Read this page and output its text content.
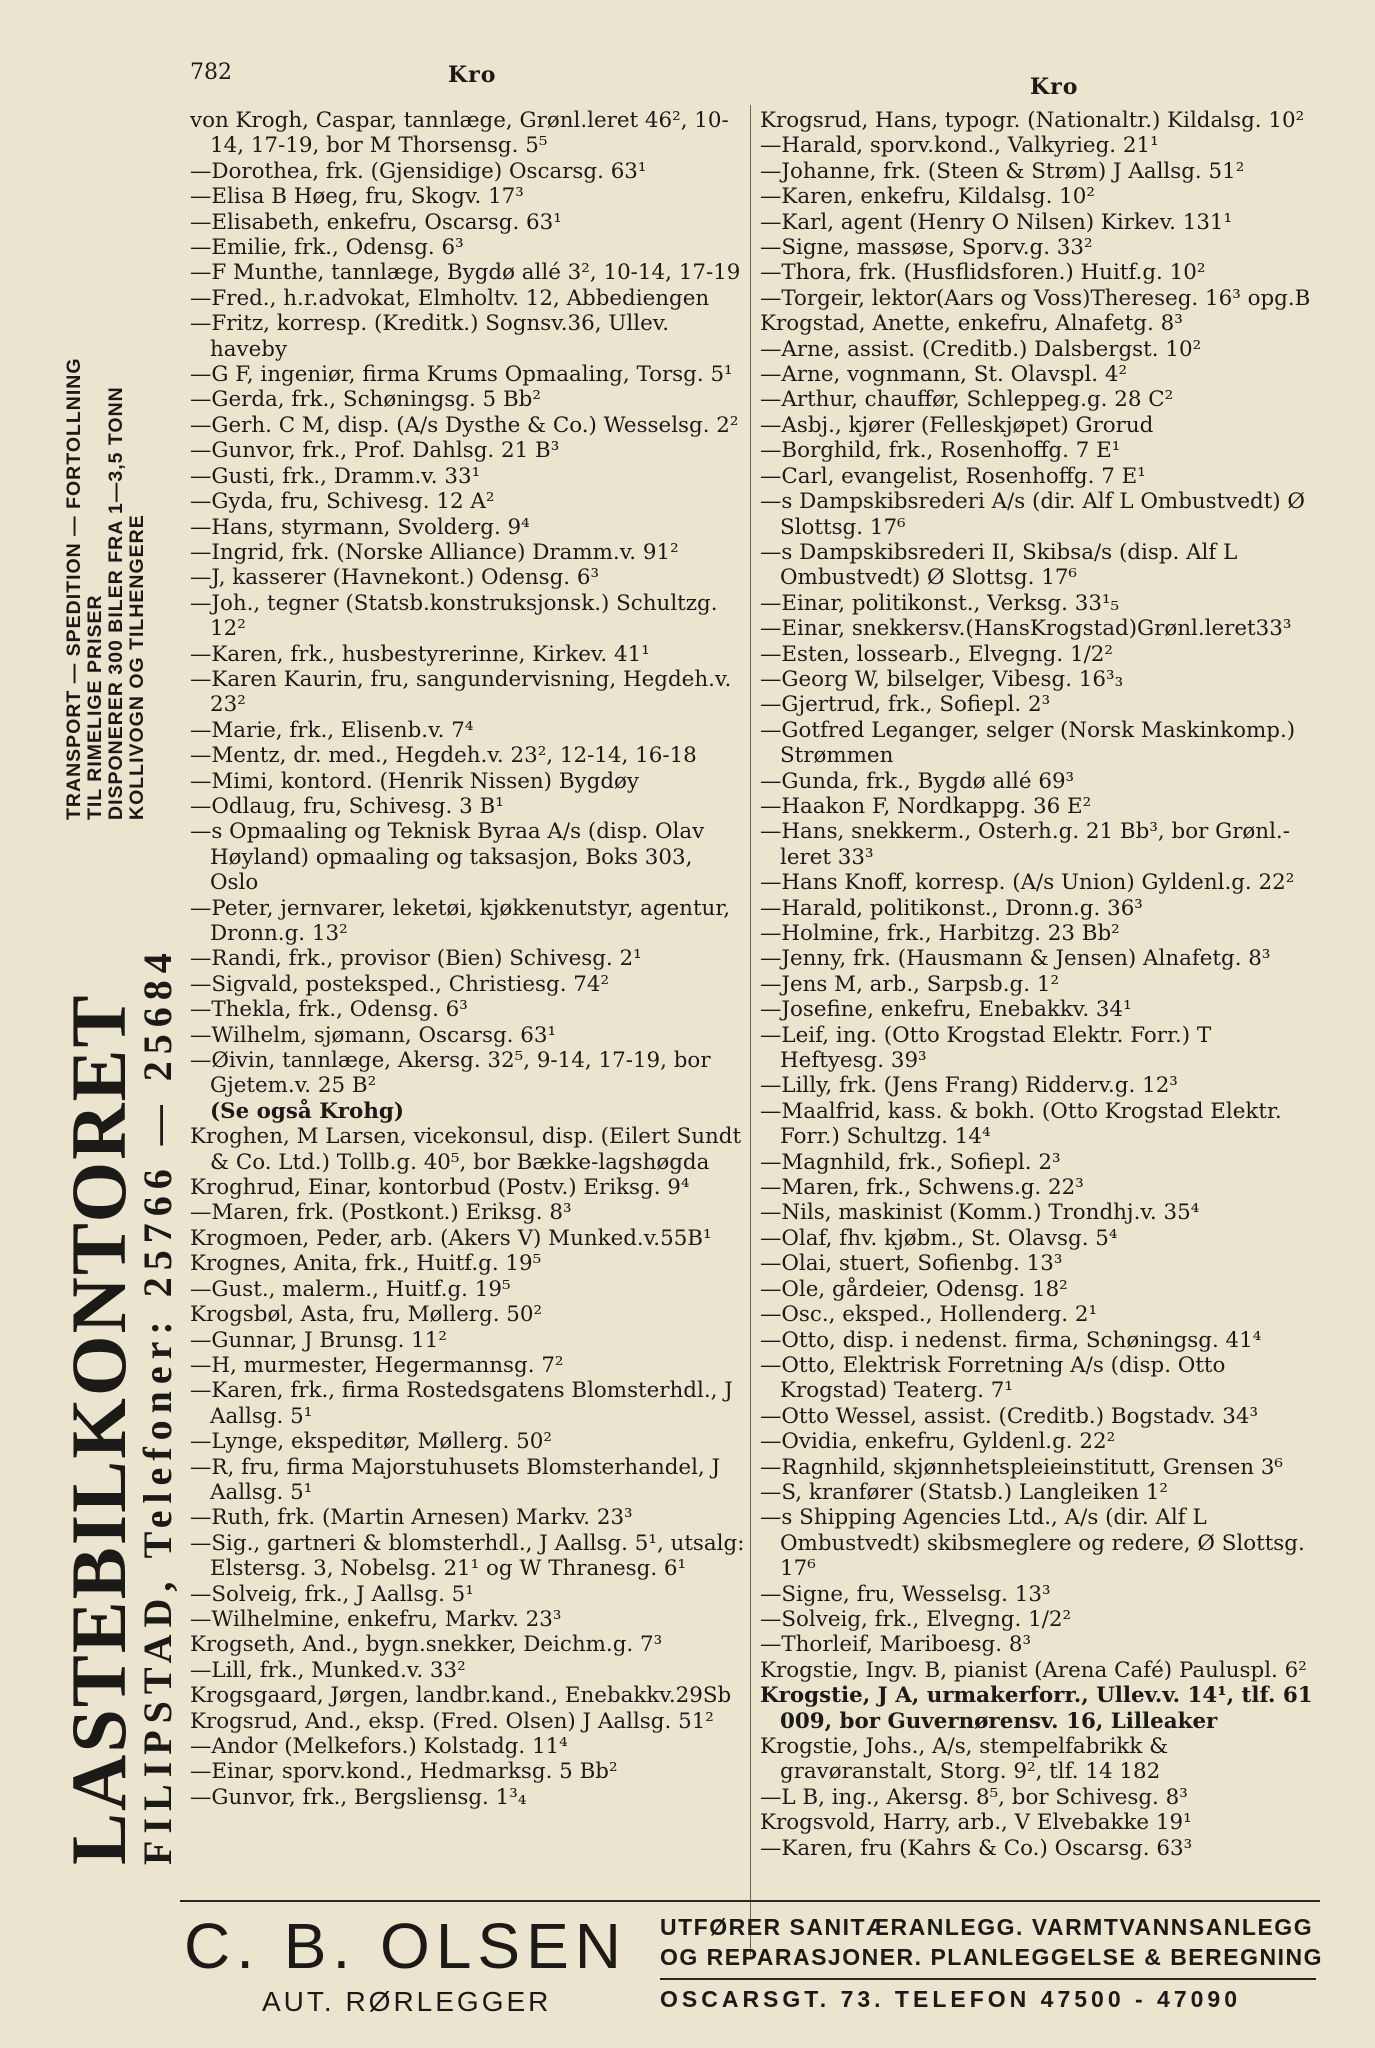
782	Kro	Kro
TRANSPORT — SPEDITION — FORTOLLNING TIL RIMELIGE PRISER DISPONERER 300 BILER FRA 1—3,5 TONN KOLLIVOGN OG TILHENGERE
LASTEBILKONTORET
FILIPSTAD, Telefoner: 25766 — 25684
von Krogh, Caspar, tannlæge, Grønl.leret 46², 10-14, 17-19, bor M Thorsensg. 5⁵
—Dorothea, frk. (Gjensidige) Oscarsg. 63¹
—Elisa B Høeg, fru, Skogv. 17³
—Elisabeth, enkefru, Oscarsg. 63¹
—Emilie, frk., Odensg. 6³
—F Munthe, tannlæge, Bygdø allé 3², 10-14, 17-19
—Fred., h.r.advokat, Elmholtv. 12, Abbediengen
—Fritz, korresp. (Kreditk.) Sognsv.36, Ullev. haveby
—G F, ingeniør, firma Krums Opmaaling, Torsg. 5¹
—Gerda, frk., Schøningsg. 5 Bb²
—Gerh. C M, disp. (A/s Dysthe & Co.) Wesselsg. 2²
—Gunvor, frk., Prof. Dahlsg. 21 B³
—Gusti, frk., Dramm.v. 33¹
—Gyda, fru, Schivesg. 12 A²
—Hans, styrmann, Svolderg. 9⁴
—Ingrid, frk. (Norske Alliance) Dramm.v. 91²
—J, kasserer (Havnekont.) Odensg. 6³
—Joh., tegner (Statsb.konstruksjonsk.) Schultzg. 12²
—Karen, frk., husbestyrerinne, Kirkev. 41¹
—Karen Kaurin, fru, sangundervisning, Hegdeh.v. 23²
—Marie, frk., Elisenb.v. 7⁴
—Mentz, dr. med., Hegdeh.v. 23², 12-14, 16-18
—Mimi, kontord. (Henrik Nissen) Bygdøy
—Odlaug, fru, Schivesg. 3 B¹
—s Opmaaling og Teknisk Byraa A/s (disp. Olav Høyland) opmaaling og taksasjon, Boks 303, Oslo
—Peter, jernvarer, leketøi, kjøkkenutstyr, agentur, Dronn.g. 13²
—Randi, frk., provisor (Bien) Schivesg. 2¹
—Sigvald, posteksped., Christiesg. 74²
—Thekla, frk., Odensg. 6³
—Wilhelm, sjømann, Oscarsg. 63¹
—Øivin, tannlæge, Akersg. 32⁵, 9-14, 17-19, bor Gjetem.v. 25 B²
(Se også Krohg)
Kroghen, M Larsen, vicekonsul, disp. (Eilert Sundt & Co. Ltd.) Tollb.g. 40⁵, bor Bække-lagshøgda
Kroghrud, Einar, kontorbud (Postv.) Eriksg. 9⁴
—Maren, frk. (Postkont.) Eriksg. 8³
Krogmoen, Peder, arb. (Akers V) Munked.v.55B¹
Krognes, Anita, frk., Huitf.g. 19⁵
—Gust., malerm., Huitf.g. 19⁵
Krogsbøl, Asta, fru, Møllerg. 50²
—Gunnar, J Brunsg. 11²
—H, murmester, Hegermannsg. 7²
—Karen, frk., firma Rostedsgatens Blomsterhdl., J Aallsg. 5¹
—Lynge, ekspeditør, Møllerg. 50²
—R, fru, firma Majorstuhusets Blomsterhandel, J Aallsg. 5¹
—Ruth, frk. (Martin Arnesen) Markv. 23³
—Sig., gartneri & blomsterhdl., J Aallsg. 5¹, utsalg: Elstersg. 3, Nobelsg. 21¹ og W Thranesg. 6¹
—Solveig, frk., J Aallsg. 5¹
—Wilhelmine, enkefru, Markv. 23³
Krogseth, And., bygn.snekker, Deichm.g. 7³
—Lill, frk., Munked.v. 33²
Krogsgaard, Jørgen, landbr.kand., Enebakkv.29Sb
Krogsrud, And., eksp. (Fred. Olsen) J Aallsg. 51²
—Andor (Melkefors.) Kolstadg. 11⁴
—Einar, sporv.kond., Hedmarksg. 5 Bb²
—Gunvor, frk., Bergsliensg. 1³₄
Krogsrud, Hans, typogr. (Nationaltr.) Kildalsg. 10²
—Harald, sporv.kond., Valkyrieg. 21¹
—Johanne, frk. (Steen & Strøm) J Aallsg. 51²
—Karen, enkefru, Kildalsg. 10²
—Karl, agent (Henry O Nilsen) Kirkev. 131¹
—Signe, massøse, Sporv.g. 33²
—Thora, frk. (Husflidsforen.) Huitf.g. 10²
—Torgeir, lektor(Aars og Voss)Thereseg. 16³ opg.B
Krogstad, Anette, enkefru, Alnafetg. 8³
—Arne, assist. (Creditb.) Dalsbergst. 10²
—Arne, vognmann, St. Olavspl. 4²
—Arthur, chauffør, Schleppeg.g. 28 C²
—Asbj., kjører (Felleskjøpet) Grorud
—Borghild, frk., Rosenhoffg. 7 E¹
—Carl, evangelist, Rosenhoffg. 7 E¹
—s Dampskibsrederi A/s (dir. Alf L Ombustvedt) Ø Slottsg. 17⁶
—s Dampskibsrederi II, Skibsa/s (disp. Alf L Ombustvedt) Ø Slottsg. 17⁶
—Einar, politikonst., Verksg. 33¹₅
—Einar, snekkersv.(HansKrogstad)Grønl.leret33³
—Esten, lossearb., Elvegng. 1/2²
—Georg W, bilselger, Vibesg. 16³₃
—Gjertrud, frk., Sofiepl. 2³
—Gotfred Leganger, selger (Norsk Maskinkomp.) Strømmen
—Gunda, frk., Bygdø allé 69³
—Haakon F, Nordkappg. 36 E²
—Hans, snekkerm., Osterh.g. 21 Bb³, bor Grønl.-leret 33³
—Hans Knoff, korresp. (A/s Union) Gyldenl.g. 22²
—Harald, politikonst., Dronn.g. 36³
—Holmine, frk., Harbitzg. 23 Bb²
—Jenny, frk. (Hausmann & Jensen) Alnafetg. 8³
—Jens M, arb., Sarpsb.g. 1²
—Josefine, enkefru, Enebakkv. 34¹
—Leif, ing. (Otto Krogstad Elektr. Forr.) T Heftyesg. 39³
—Lilly, frk. (Jens Frang) Ridderv.g. 12³
—Maalfrid, kass. & bokh. (Otto Krogstad Elektr. Forr.) Schultzg. 14⁴
—Magnhild, frk., Sofiepl. 2³
—Maren, frk., Schwens.g. 22³
—Nils, maskinist (Komm.) Trondhj.v. 35⁴
—Olaf, fhv. kjøbm., St. Olavsg. 5⁴
—Olai, stuert, Sofienbg. 13³
—Ole, gårdeier, Odensg. 18²
—Osc., eksped., Hollenderg. 2¹
—Otto, disp. i nedenst. firma, Schøningsg. 41⁴
—Otto, Elektrisk Forretning A/s (disp. Otto Krogstad) Teaterg. 7¹
—Otto Wessel, assist. (Creditb.) Bogstadv. 34³
—Ovidia, enkefru, Gyldenl.g. 22²
—Ragnhild, skjønnhetspleieinstitutt, Grensen 3⁶
—S, kranfører (Statsb.) Langleiken 1²
—s Shipping Agencies Ltd., A/s (dir. Alf L Ombustvedt) skibsmeglere og redere, Ø Slottsg. 17⁶
—Signe, fru, Wesselsg. 13³
—Solveig, frk., Elvegng. 1/2²
—Thorleif, Mariboesg. 8³
Krogstie, Ingv. B, pianist (Arena Café) Pauluspl. 6²
Krogstie, J A, urmakerforr., Ullev.v. 14¹, tlf. 61 009, bor Guvernørensv. 16, Lilleaker
Krogstie, Johs., A/s, stempelfabrikk & gravøranstalt, Storg. 9², tlf. 14 182
—L B, ing., Akersg. 8⁵, bor Schivesg. 8³
Krogsvold, Harry, arb., V Elvebakke 19¹
—Karen, fru (Kahrs & Co.) Oscarsg. 63³
C. B. OLSEN
AUT. RØRLEGGER
UTFØRER SANITÆRANLEGG. VARMTVANNSANLEGG
OG REPARASJONER. PLANLEGGELSE & BEREGNING
OSCARSGT. 73. TELEFON 47500 - 47090
